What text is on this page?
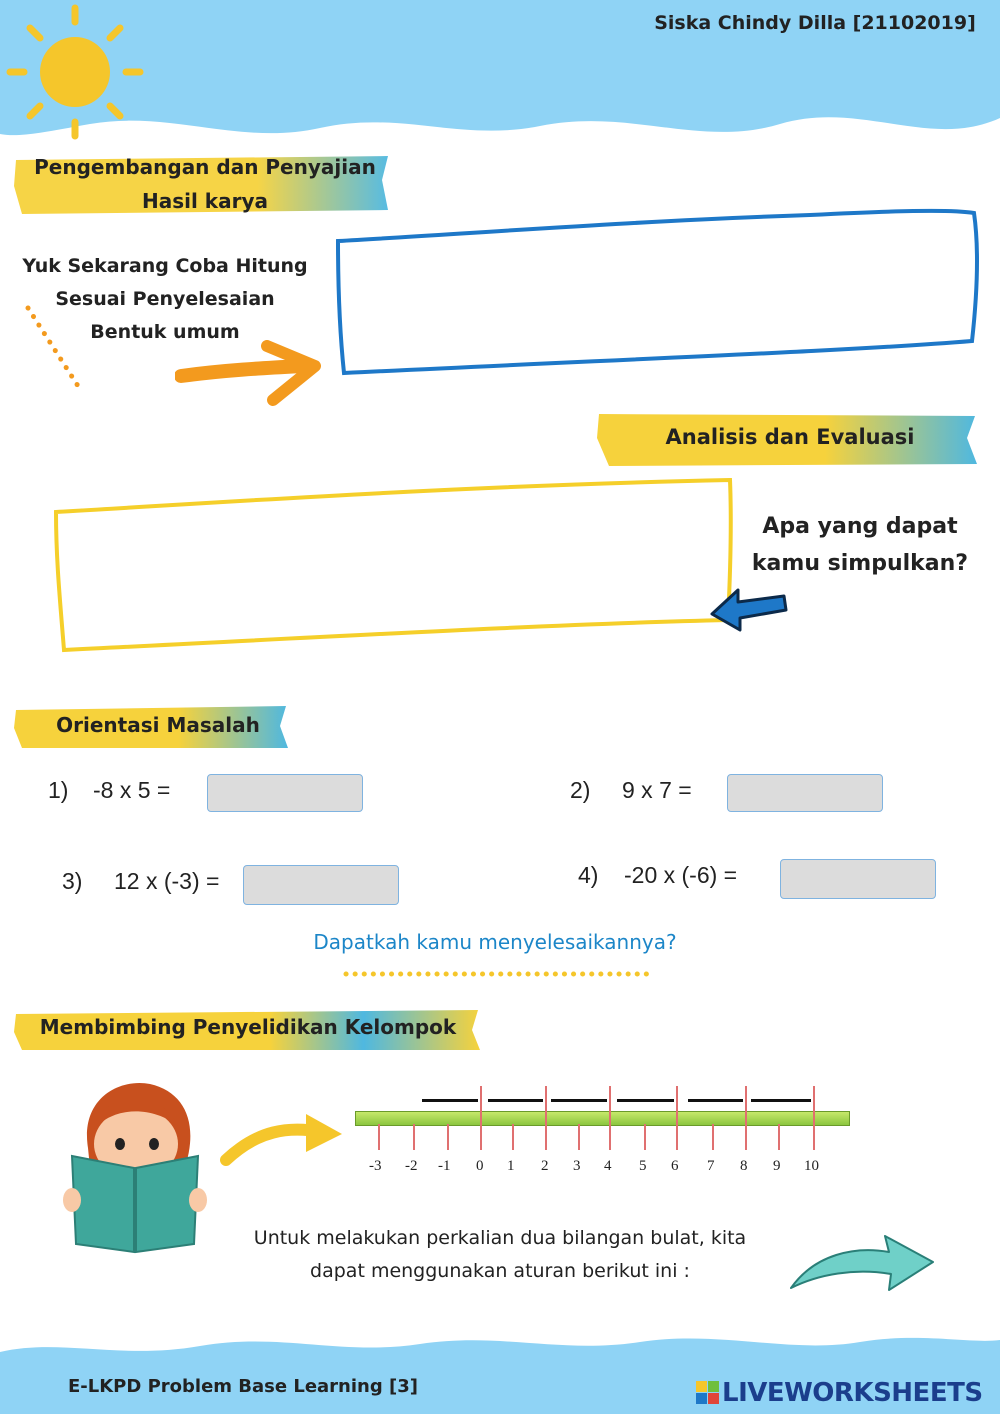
Siska Chindy Dilla [21102019]
Pengembangan dan Penyajian
Hasil karya
Yuk Sekarang Coba Hitung
Sesuai Penyelesaian
Bentuk umum
Analisis dan Evaluasi
Apa yang dapat
kamu simpulkan?
Orientasi Masalah
1) -8 x 5 =	2) 9 x 7 =
3) 12 x (-3) =	4) -20 x (-6) =
Dapatkah kamu menyelesaikannya?
Membimbing Penyelidikan Kelompok
-3 -2 -1 0 1 2 3 4 5 6 7 8 9 10
Untuk melakukan perkalian dua bilangan bulat, kita
dapat menggunakan aturan berikut ini :
E-LKPD Problem Base Learning [3]	LIVEWORKSHEETS
